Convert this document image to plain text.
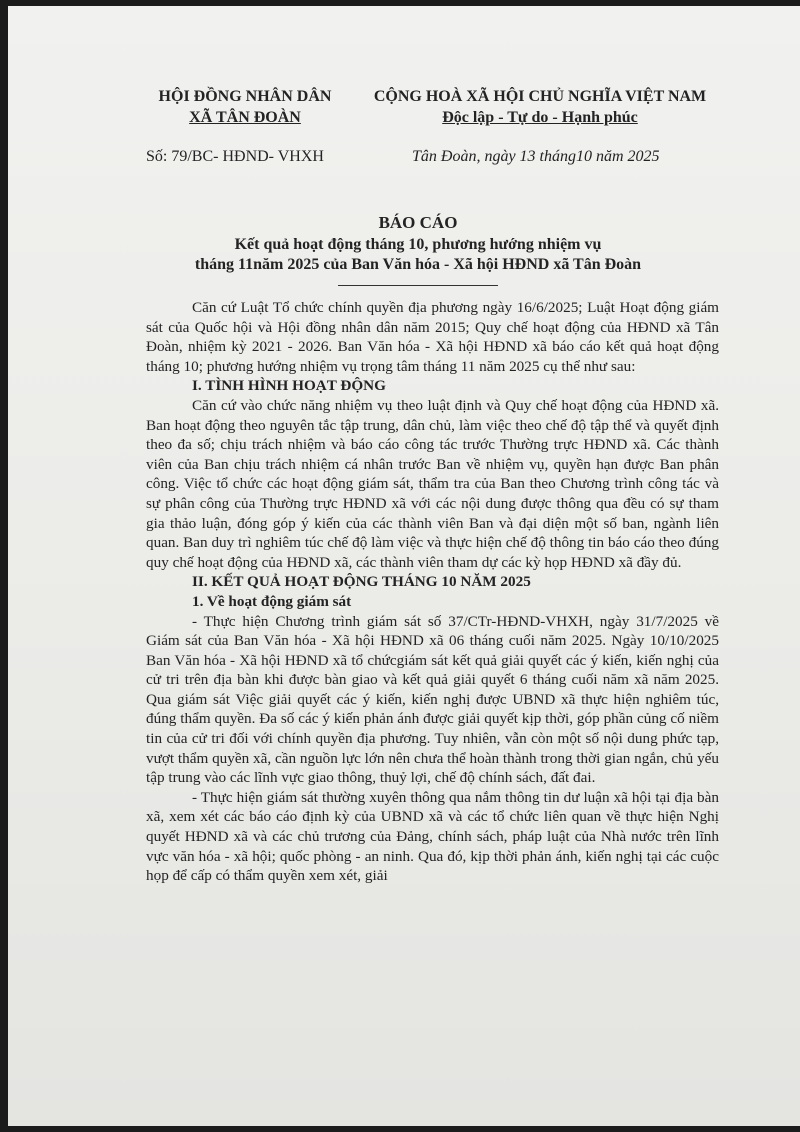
HỘI ĐỒNG NHÂN DÂN
XÃ TÂN ĐOÀN
CỘNG HOÀ XÃ HỘI CHỦ NGHĨA VIỆT NAM
Độc lập - Tự do - Hạnh phúc
Số: 79/BC- HĐND- VHXH	Tân Đoàn, ngày 13 tháng10 năm 2025
BÁO CÁO
Kết quả hoạt động tháng 10, phương hướng nhiệm vụ
tháng 11năm 2025 của Ban Văn hóa - Xã hội HĐND xã Tân Đoàn

Căn cứ Luật Tổ chức chính quyền địa phương ngày 16/6/2025; Luật Hoạt động giám sát của Quốc hội và Hội đồng nhân dân năm 2015; Quy chế hoạt động của HĐND xã Tân Đoàn, nhiệm kỳ 2021 - 2026. Ban Văn hóa - Xã hội HĐND xã báo cáo kết quả hoạt động tháng 10; phương hướng nhiệm vụ trọng tâm tháng 11 năm 2025 cụ thể như sau:

I. TÌNH HÌNH HOẠT ĐỘNG

Căn cứ vào chức năng nhiệm vụ theo luật định và Quy chế hoạt động của HĐND xã. Ban hoạt động theo nguyên tắc tập trung, dân chủ, làm việc theo chế độ tập thể và quyết định theo đa số; chịu trách nhiệm và báo cáo công tác trước Thường trực HĐND xã. Các thành viên của Ban chịu trách nhiệm cá nhân trước Ban về nhiệm vụ, quyền hạn được Ban phân công. Việc tổ chức các hoạt động giám sát, thẩm tra của Ban theo Chương trình công tác và sự phân công của Thường trực HĐND xã với các nội dung được thông qua đều có sự tham gia thảo luận, đóng góp ý kiến của các thành viên Ban và đại diện một số ban, ngành liên quan. Ban duy trì nghiêm túc chế độ làm việc và thực hiện chế độ thông tin báo cáo theo đúng quy chế hoạt động của HĐND xã, các thành viên tham dự các kỳ họp HĐND xã đầy đủ.

II. KẾT QUẢ HOẠT ĐỘNG THÁNG 10 NĂM 2025
1. Về hoạt động giám sát

- Thực hiện Chương trình giám sát số 37/CTr-HĐND-VHXH, ngày 31/7/2025 về Giám sát của Ban Văn hóa - Xã hội HĐND xã 06 tháng cuối năm 2025. Ngày 10/10/2025 Ban Văn hóa - Xã hội HĐND xã tổ chứcgiám sát kết quả giải quyết các ý kiến, kiến nghị của cử tri trên địa bàn khi được bàn giao và kết quả giải quyết 6 tháng cuối năm xã năm 2025. Qua giám sát Việc giải quyết các ý kiến, kiến nghị được UBND xã thực hiện nghiêm túc, đúng thẩm quyền. Đa số các ý kiến phản ánh được giải quyết kịp thời, góp phần củng cố niềm tin của cử tri đối với chính quyền địa phương. Tuy nhiên, vẫn còn một số nội dung phức tạp, vượt thẩm quyền xã, cần nguồn lực lớn nên chưa thể hoàn thành trong thời gian ngắn, chủ yếu tập trung vào các lĩnh vực giao thông, thuỷ lợi, chế độ chính sách, đất đai.

- Thực hiện giám sát thường xuyên thông qua nắm thông tin dư luận xã hội tại địa bàn xã, xem xét các báo cáo định kỳ của UBND xã và các tổ chức liên quan về thực hiện Nghị quyết HĐND xã và các chủ trương của Đảng, chính sách, pháp luật của Nhà nước trên lĩnh vực văn hóa - xã hội; quốc phòng - an ninh. Qua đó, kịp thời phản ánh, kiến nghị tại các cuộc họp để cấp có thẩm quyền xem xét, giải
